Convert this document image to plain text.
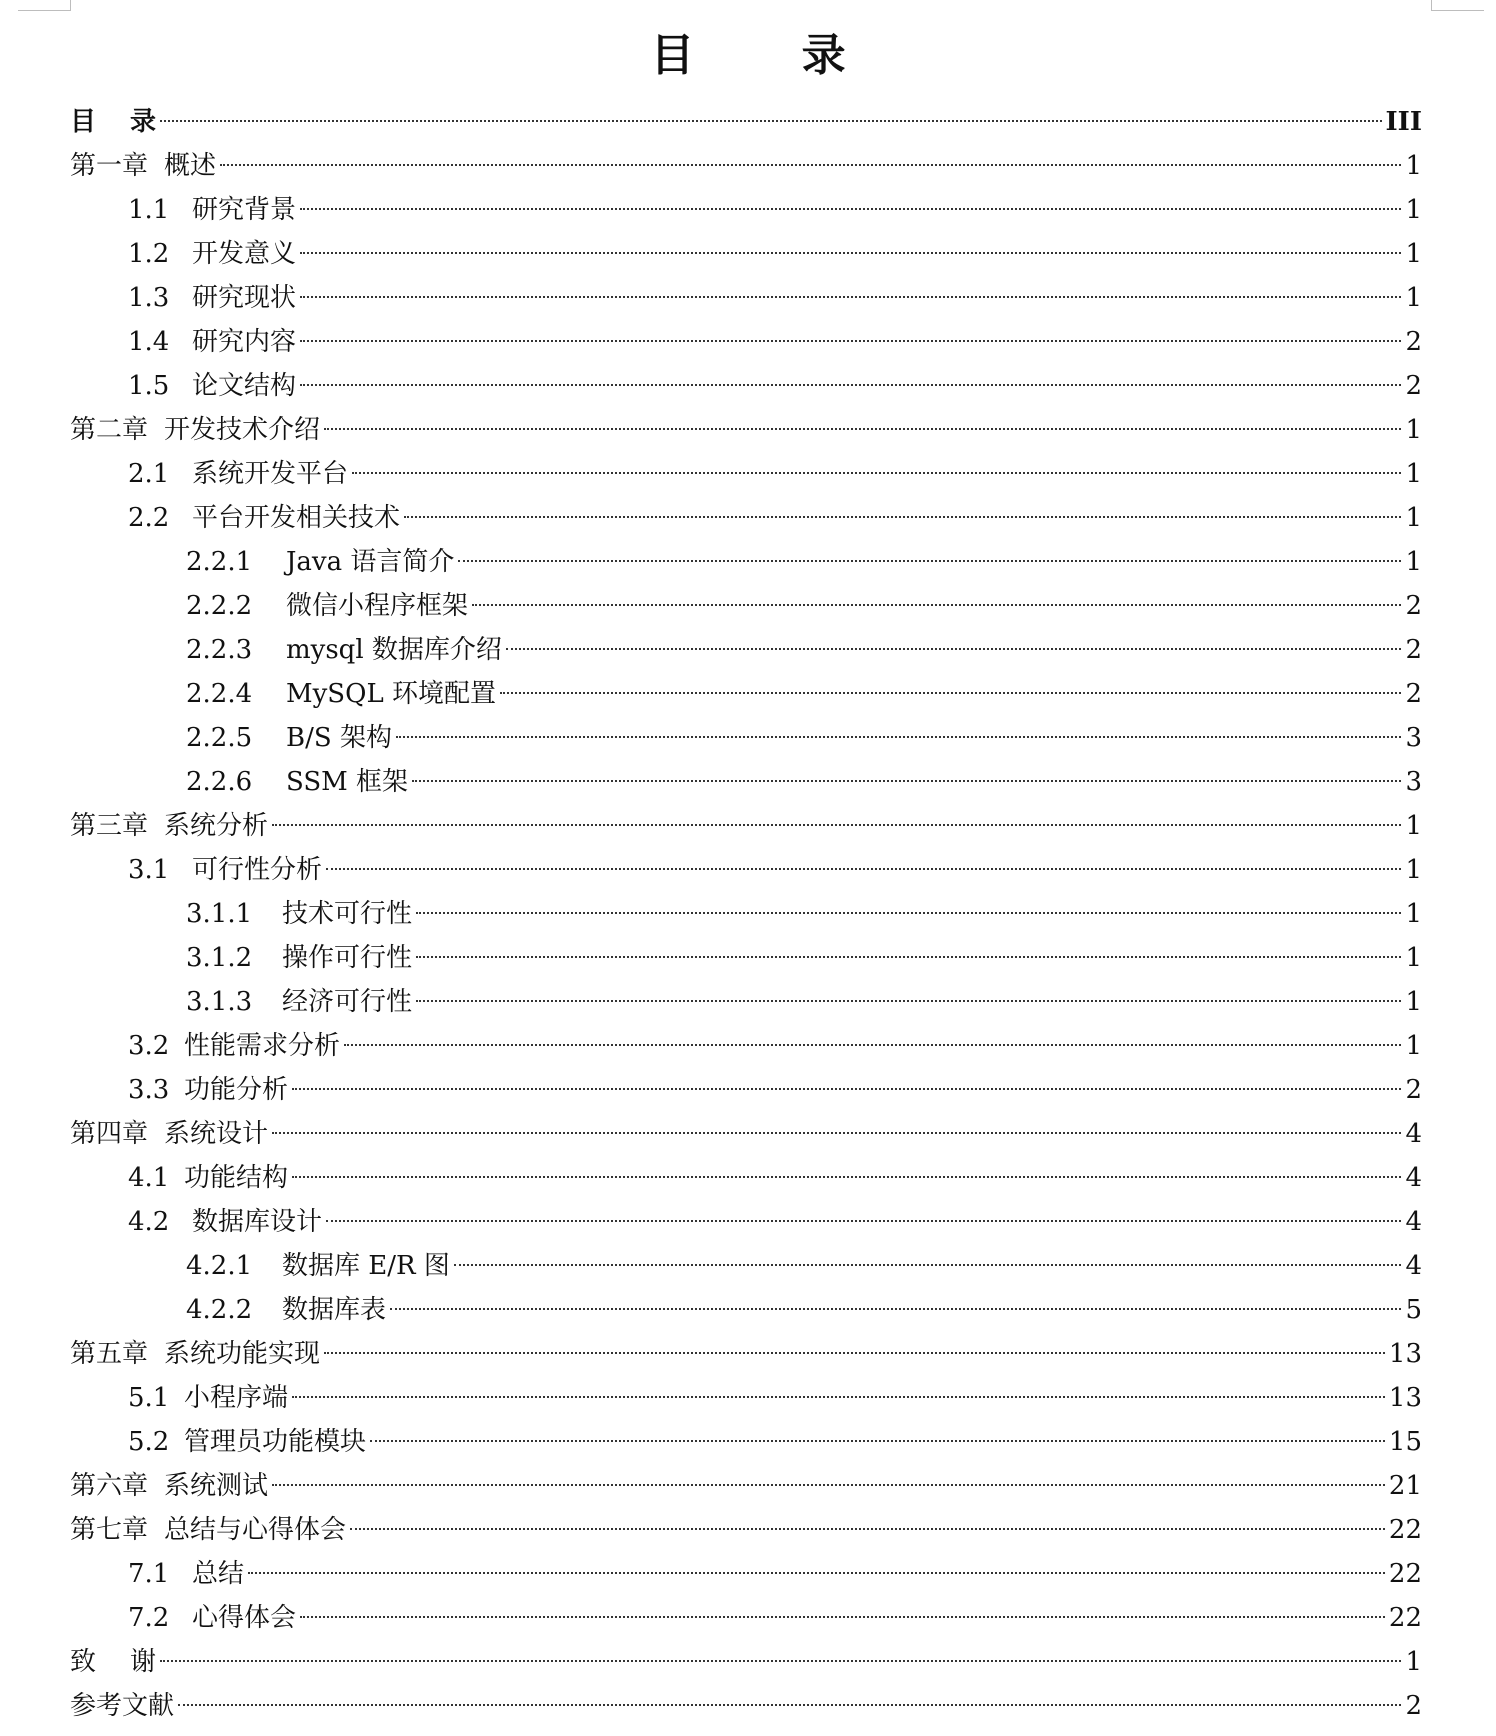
目 录
目 录	III
第一章 概述	1
1.1 研究背景	1
1.2 开发意义	1
1.3 研究现状	1
1.4 研究内容	2
1.5 论文结构	2
第二章 开发技术介绍	1
2.1 系统开发平台	1
2.2 平台开发相关技术	1
2.2.1	Java 语言简介	1
2.2.2	微信小程序框架	2
2.2.3	mysql 数据库介绍	2
2.2.4	MySQL 环境配置	2
2.2.5	B/S 架构	3
2.2.6	SSM 框架	3
第三章 系统分析	1
3.1 可行性分析	1
3.1.1	技术可行性	1
3.1.2	操作可行性	1
3.1.3	经济可行性	1
3.2 性能需求分析	1
3.3 功能分析	2
第四章 系统设计	4
4.1 功能结构	4
4.2 数据库设计	4
4.2.1	数据库 E/R 图	4
4.2.2	数据库表	5
第五章 系统功能实现	13
5.1 小程序端	13
5.2 管理员功能模块	15
第六章 系统测试	21
第七章 总结与心得体会	22
7.1 总结	22
7.2 心得体会	22
致 谢	1
参考文献	2
